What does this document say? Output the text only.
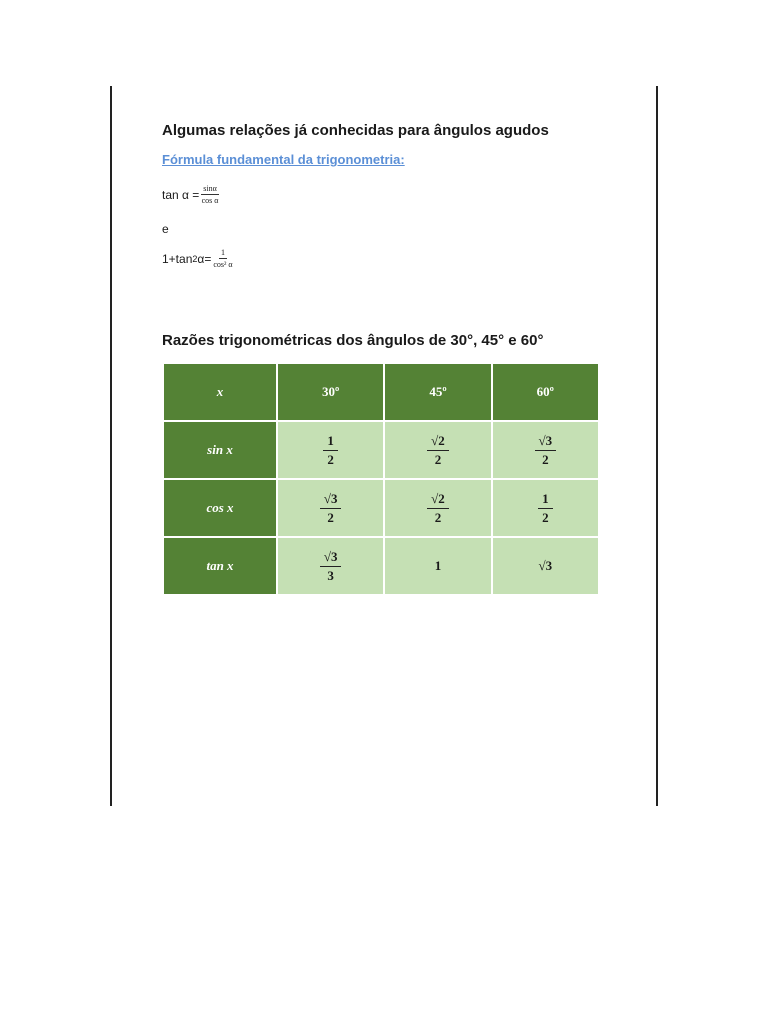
Algumas relações já conhecidas para ângulos agudos
Fórmula fundamental da trigonometria:
$\tan \alpha = \frac{\sin\alpha}{\text{cos α}}$
e
1+tan 2 $\alpha= \frac{1}{\text{cos² α}}$
Razões trigonométricas dos ângulos de 30°, 45° e 60°
x	30º	45º	60º
sin x	$\frac{1}{2}$	$\frac{√2}{2}$	$\frac{√3}{2}$

cos x	$\frac{√3}{2}$	$\frac{√2}{2}$	$\frac{1}{2}$

tan x	$\frac{√3}{3}$	1	√3
